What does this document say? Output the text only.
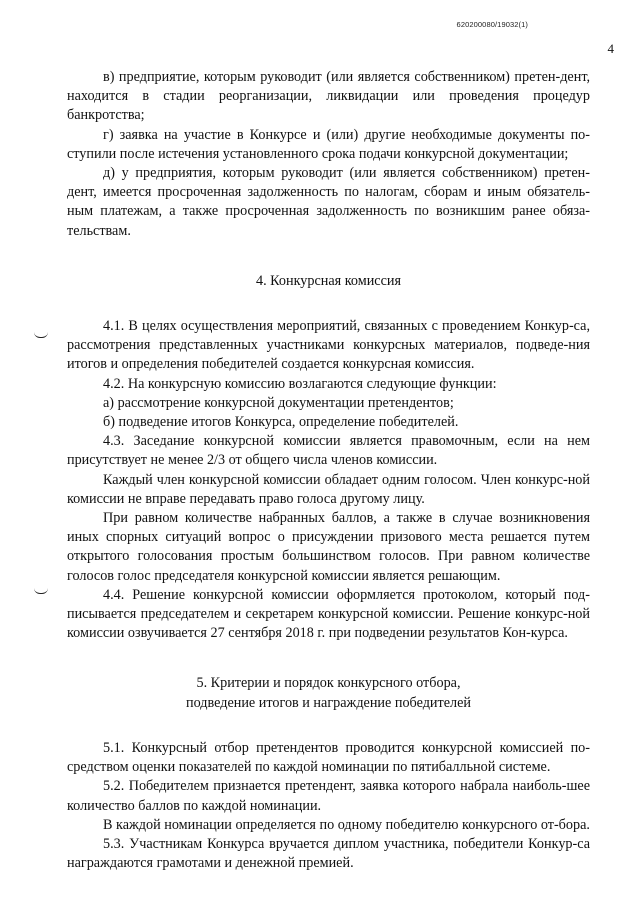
620200080/19032(1)
4

в) предприятие, которым руководит (или является собственником) претен-дент, находится в стадии реорганизации, ликвидации или проведения процедур банкротства;

г) заявка на участие в Конкурсе и (или) другие необходимые документы по-ступили после истечения установленного срока подачи конкурсной документации;

д) у предприятия, которым руководит (или является собственником) претен-дент, имеется просроченная задолженность по налогам, сборам и иным обязатель-ным платежам, а также просроченная задолженность по возникшим ранее обяза-тельствам.

4. Конкурсная комиссия

4.1. В целях осуществления мероприятий, связанных с проведением Конкур-са, рассмотрения представленных участниками конкурсных материалов, подведе-ния итогов и определения победителей создается конкурсная комиссия.

4.2. На конкурсную комиссию возлагаются следующие функции:

а) рассмотрение конкурсной документации претендентов;

б) подведение итогов Конкурса, определение победителей.

4.3. Заседание конкурсной комиссии является правомочным, если на нем присутствует не менее 2/3 от общего числа членов комиссии.

Каждый член конкурсной комиссии обладает одним голосом. Член конкурс-ной комиссии не вправе передавать право голоса другому лицу.

При равном количестве набранных баллов, а также в случае возникновения иных спорных ситуаций вопрос о присуждении призового места решается путем открытого голосования простым большинством голосов. При равном количестве голосов голос председателя конкурсной комиссии является решающим.

4.4. Решение конкурсной комиссии оформляется протоколом, который под-писывается председателем и секретарем конкурсной комиссии. Решение конкурс-ной комиссии озвучивается 27 сентября 2018 г. при подведении результатов Кон-курса.

5. Критерии и порядок конкурсного отбора,

подведение итогов и награждение победителей

5.1. Конкурсный отбор претендентов проводится конкурсной комиссией по-средством оценки показателей по каждой номинации по пятибалльной системе.

5.2. Победителем признается претендент, заявка которого набрала наиболь-шее количество баллов по каждой номинации.

В каждой номинации определяется по одному победителю конкурсного от-бора.

5.3. Участникам Конкурса вручается диплом участника, победители Конкур-са награждаются грамотами и денежной премией.
